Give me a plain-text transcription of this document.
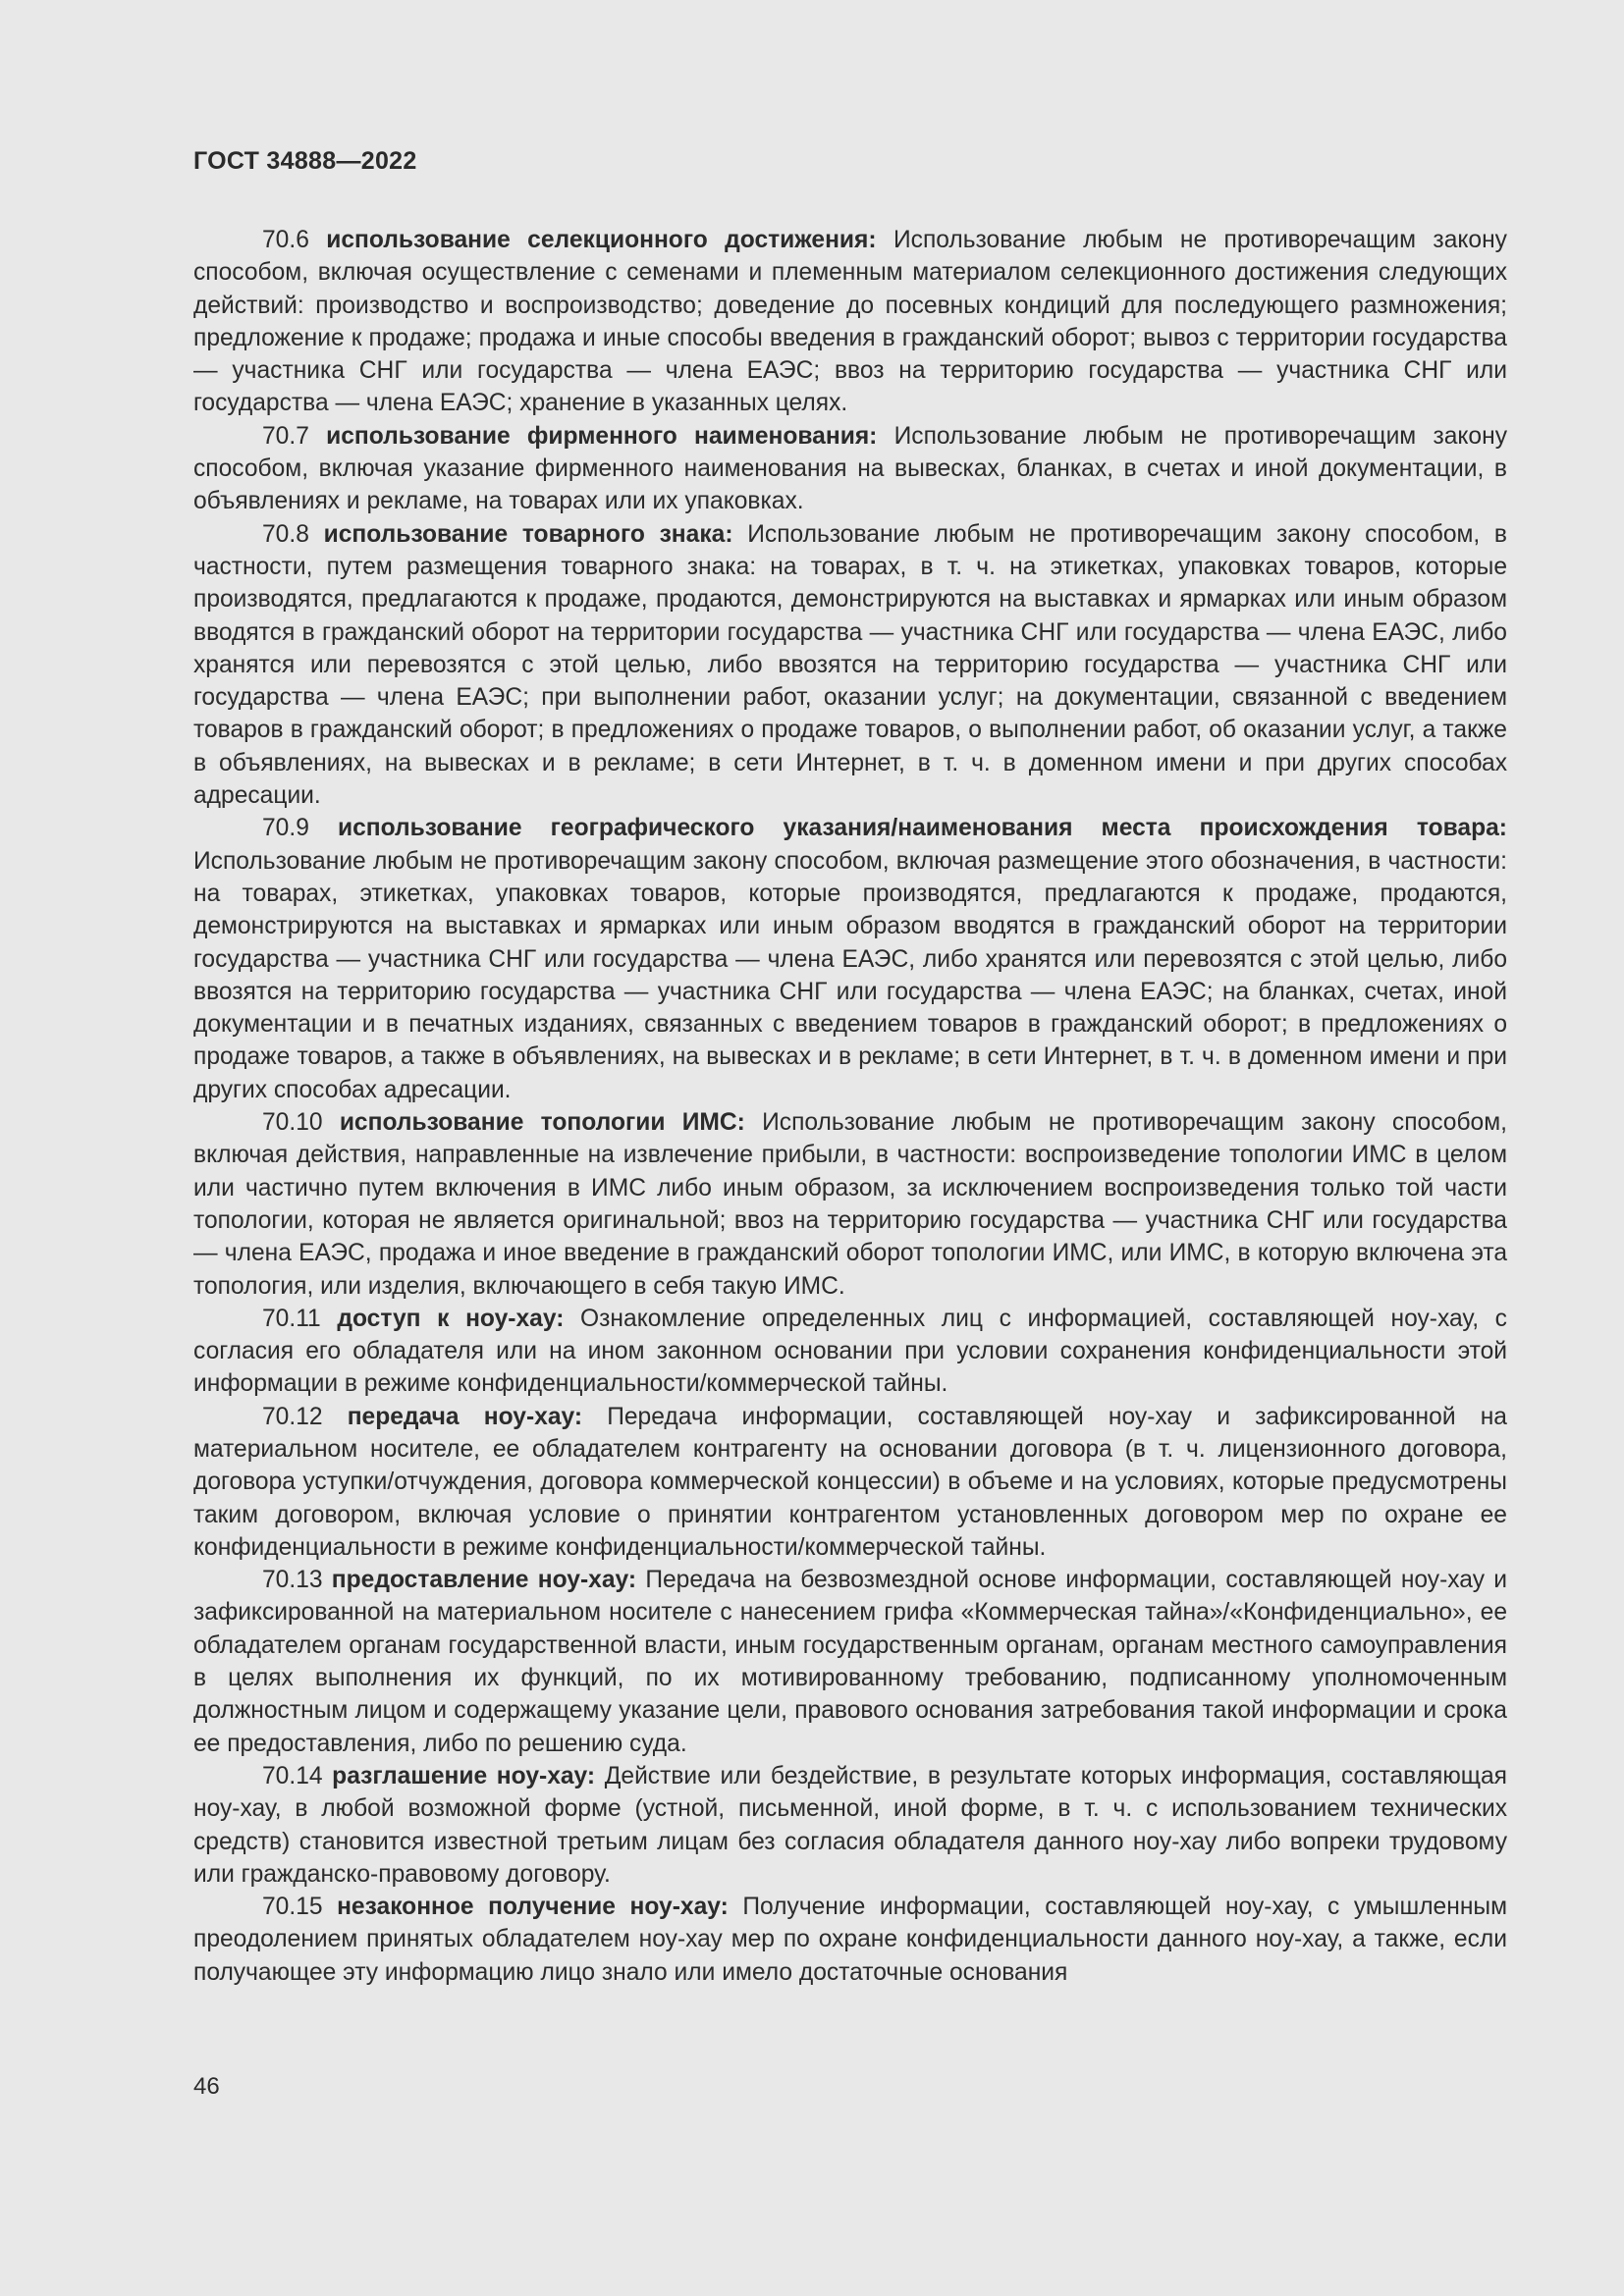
ГОСТ 34888—2022

70.6 использование селекционного достижения: Использование любым не противоречащим закону способом, включая осуществление с семенами и племенным материалом селекционного достижения следующих действий: производство и воспроизводство; доведение до посевных кондиций для последующего размножения; предложение к продаже; продажа и иные способы введения в гражданский оборот; вывоз с территории государства — участника СНГ или государства — члена ЕАЭС; ввоз на территорию государства — участника СНГ или государства — члена ЕАЭС; хранение в указанных целях.

70.7 использование фирменного наименования: Использование любым не противоречащим закону способом, включая указание фирменного наименования на вывесках, бланках, в счетах и иной документации, в объявлениях и рекламе, на товарах или их упаковках.

70.8 использование товарного знака: Использование любым не противоречащим закону способом, в частности, путем размещения товарного знака: на товарах, в т. ч. на этикетках, упаковках товаров, которые производятся, предлагаются к продаже, продаются, демонстрируются на выставках и ярмарках или иным образом вводятся в гражданский оборот на территории государства — участника СНГ или государства — члена ЕАЭС, либо хранятся или перевозятся с этой целью, либо ввозятся на территорию государства — участника СНГ или государства — члена ЕАЭС; при выполнении работ, оказании услуг; на документации, связанной с введением товаров в гражданский оборот; в предложениях о продаже товаров, о выполнении работ, об оказании услуг, а также в объявлениях, на вывесках и в рекламе; в сети Интернет, в т. ч. в доменном имени и при других способах адресации.

70.9 использование географического указания/наименования места происхождения товара: Использование любым не противоречащим закону способом, включая размещение этого обозначения, в частности: на товарах, этикетках, упаковках товаров, которые производятся, предлагаются к продаже, продаются, демонстрируются на выставках и ярмарках или иным образом вводятся в гражданский оборот на территории государства — участника СНГ или государства — члена ЕАЭС, либо хранятся или перевозятся с этой целью, либо ввозятся на территорию государства — участника СНГ или государства — члена ЕАЭС; на бланках, счетах, иной документации и в печатных изданиях, связанных с введением товаров в гражданский оборот; в предложениях о продаже товаров, а также в объявлениях, на вывесках и в рекламе; в сети Интернет, в т. ч. в доменном имени и при других способах адресации.

70.10 использование топологии ИМС: Использование любым не противоречащим закону способом, включая действия, направленные на извлечение прибыли, в частности: воспроизведение топологии ИМС в целом или частично путем включения в ИМС либо иным образом, за исключением воспроизведения только той части топологии, которая не является оригинальной; ввоз на территорию государства — участника СНГ или государства — члена ЕАЭС, продажа и иное введение в гражданский оборот топологии ИМС, или ИМС, в которую включена эта топология, или изделия, включающего в себя такую ИМС.

70.11 доступ к ноу-хау: Ознакомление определенных лиц с информацией, составляющей ноу-хау, с согласия его обладателя или на ином законном основании при условии сохранения конфиденциальности этой информации в режиме конфиденциальности/коммерческой тайны.

70.12 передача ноу-хау: Передача информации, составляющей ноу-хау и зафиксированной на материальном носителе, ее обладателем контрагенту на основании договора (в т. ч. лицензионного договора, договора уступки/отчуждения, договора коммерческой концессии) в объеме и на условиях, которые предусмотрены таким договором, включая условие о принятии контрагентом установленных договором мер по охране ее конфиденциальности в режиме конфиденциальности/коммерческой тайны.

70.13 предоставление ноу-хау: Передача на безвозмездной основе информации, составляющей ноу-хау и зафиксированной на материальном носителе с нанесением грифа «Коммерческая тайна»/«Конфиденциально», ее обладателем органам государственной власти, иным государственным органам, органам местного самоуправления в целях выполнения их функций, по их мотивированному требованию, подписанному уполномоченным должностным лицом и содержащему указание цели, правового основания затребования такой информации и срока ее предоставления, либо по решению суда.

70.14 разглашение ноу-хау: Действие или бездействие, в результате которых информация, составляющая ноу-хау, в любой возможной форме (устной, письменной, иной форме, в т. ч. с использованием технических средств) становится известной третьим лицам без согласия обладателя данного ноу-хау либо вопреки трудовому или гражданско-правовому договору.

70.15 незаконное получение ноу-хау: Получение информации, составляющей ноу-хау, с умышленным преодолением принятых обладателем ноу-хау мер по охране конфиденциальности данного ноу-хау, а также, если получающее эту информацию лицо знало или имело достаточные основания

46
